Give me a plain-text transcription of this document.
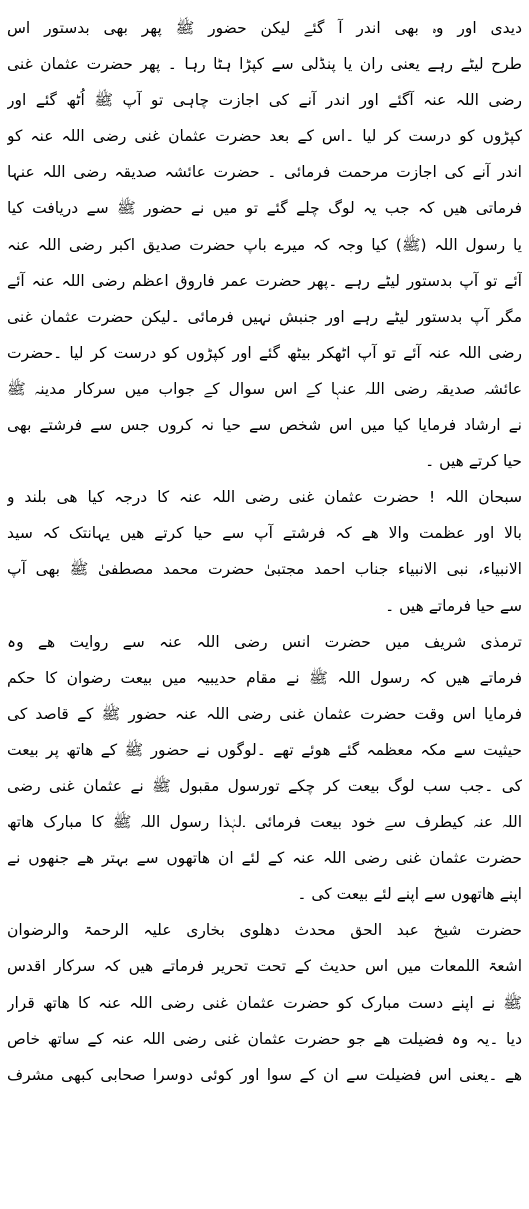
دیدی اور وہ بھی اندر آ گئے لیکن حضور ﷺ پھر بھی بدستور اس
طرح لیٹے رہے یعنی ران یا پنڈلی سے کپڑا ہٹا رہا ۔ پھر حضرت عثمان غنی
رضی اللہ عنہ آگئے اور اندر آنے کی اجازت چاہی تو آپ ﷺ اُٹھ گئے اور
کپڑوں کو درست کر لیا ۔اس کے بعد حضرت عثمان غنی رضی اللہ عنہ کو
اندر آنے کی اجازت مرحمت فرمائی ۔ حضرت عائشہ صدیقہ رضی اللہ عنہا
فرماتی ھیں کہ جب یہ لوگ چلے گئے تو میں نے حضور ﷺ سے دریافت کیا
یا رسول اللہ (ﷺ) کیا وجہ کہ میرے باپ حضرت صدیق اکبر رضی اللہ عنہ
آئے تو آپ بدستور لیٹے رہے ۔پھر حضرت عمر فاروق اعظم رضی اللہ عنہ آئے
مگر آپ بدستور لیٹے رہے اور جنبش نہیں فرمائی ۔لیکن حضرت عثمان غنی
رضی اللہ عنہ آئے تو آپ اٹھکر بیٹھ گئے اور کپڑوں کو درست کر لیا ۔حضرت
عائشہ صدیقہ رضی اللہ عنہا کے اس سوال کے جواب میں سرکار مدینہ ﷺ
نے ارشاد فرمایا کیا میں اس شخص سے حیا نہ کروں جس سے فرشتے بھی
حیا کرتے ھیں ۔
سبحان اللہ ! حضرت عثمان غنی رضی اللہ عنہ کا درجہ کیا ھی بلند و
بالا اور عظمت والا ھے کہ فرشتے آپ سے حیا کرتے ھیں یہانتک کہ سید
الانبیاء، نبی الانبیاء جناب احمد مجتبیٰ حضرت محمد مصطفیٰ ﷺ بھی آپ
سے حیا فرماتے ھیں ۔
ترمذی شریف میں حضرت انس رضی اللہ عنہ سے روایت ھے وہ
فرماتے ھیں کہ رسول اللہ ﷺ نے مقام حدیبیہ میں بیعت رضوان کا حکم
فرمایا اس وقت حضرت عثمان غنی رضی اللہ عنہ حضور ﷺ کے قاصد کی
حیثیت سے مکہ معظمہ گئے ھوئے تھے ۔لوگوں نے حضور ﷺ کے ھاتھ پر بیعت
کی ۔جب سب لوگ بیعت کر چکے تورسول مقبول ﷺ نے عثمان غنی رضی
اللہ عنہ کیطرف سے خود بیعت فرمائی ۔لہٰذا رسول اللہ ﷺ کا مبارک ھاتھ
حضرت عثمان غنی رضی اللہ عنہ کے لئے ان ھاتھوں سے بہتر ھے جنھوں نے
اپنے ھاتھوں سے اپنے لئے بیعت کی ۔
حضرت شیخ عبد الحق محدث دھلوی بخاری علیہ الرحمۃ والرضوان
اشعۃ اللمعات میں اس حدیث کے تحت تحریر فرماتے ھیں کہ سرکار اقدس
ﷺ نے اپنے دست مبارک کو حضرت عثمان غنی رضی اللہ عنہ کا ھاتھ قرار
دیا ۔یہ وہ فضیلت ھے جو حضرت عثمان غنی رضی اللہ عنہ کے ساتھ خاص
ھے ۔یعنی اس فضیلت سے ان کے سوا اور کوئی دوسرا صحابی کبھی مشرف
